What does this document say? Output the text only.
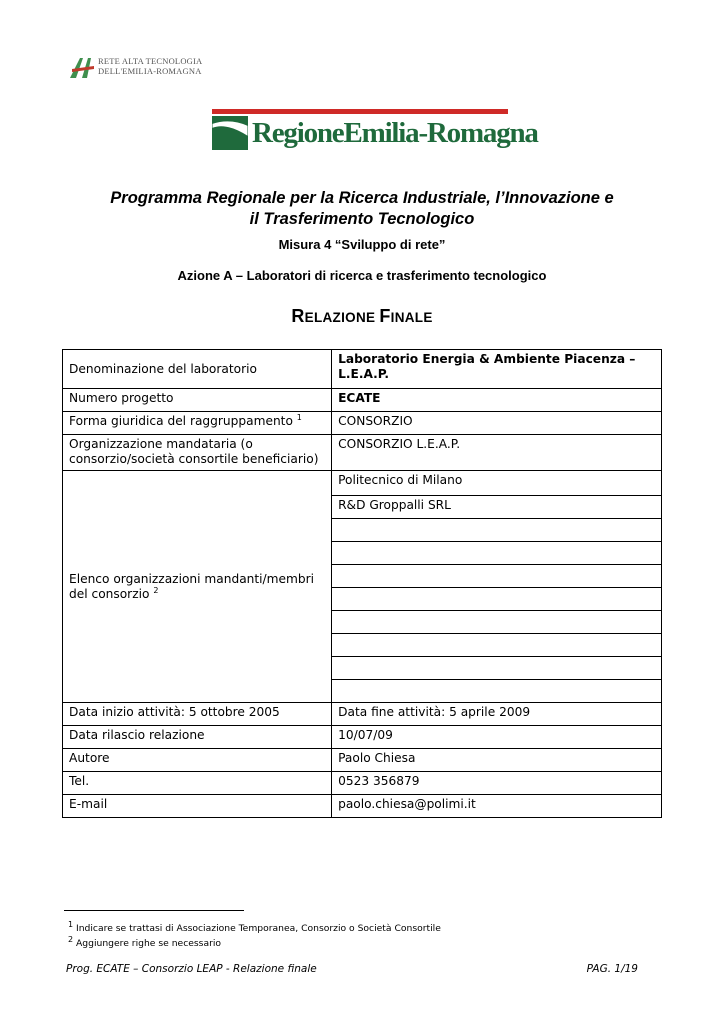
RETE ALTA TECNOLOGIA
DELL'EMILIA-ROMAGNA
RegioneEmilia-Romagna
Programma Regionale per la Ricerca Industriale, l’Innovazione e
il Trasferimento Tecnologico
Misura 4 “Sviluppo di rete”
Azione A – Laboratori di ricerca e trasferimento tecnologico
RELAZIONE FINALE
Denominazione del laboratorio	Laboratorio Energia & Ambiente Piacenza – L.E.A.P.
Numero progetto	ECATE
Forma giuridica del raggruppamento $^1$	CONSORZIO
Organizzazione mandataria (o consorzio/società consortile beneficiario)	CONSORZIO L.E.A.P.
Elenco organizzazioni mandanti/membri del consorzio $^2$	Politecnico di Milano
	R&D Groppalli SRL

Data inizio attività: 5 ottobre 2005	Data fine attività: 5 aprile 2009
Data rilascio relazione	10/07/09
Autore	Paolo Chiesa
Tel.	0523 356879
E-mail	paolo.chiesa@polimi.it
$^1$ Indicare se trattasi di Associazione Temporanea, Consorzio o Società Consortile
$^2$ Aggiungere righe se necessario
Prog. ECATE – Consorzio LEAP - Relazione finale	PAG. 1/19
